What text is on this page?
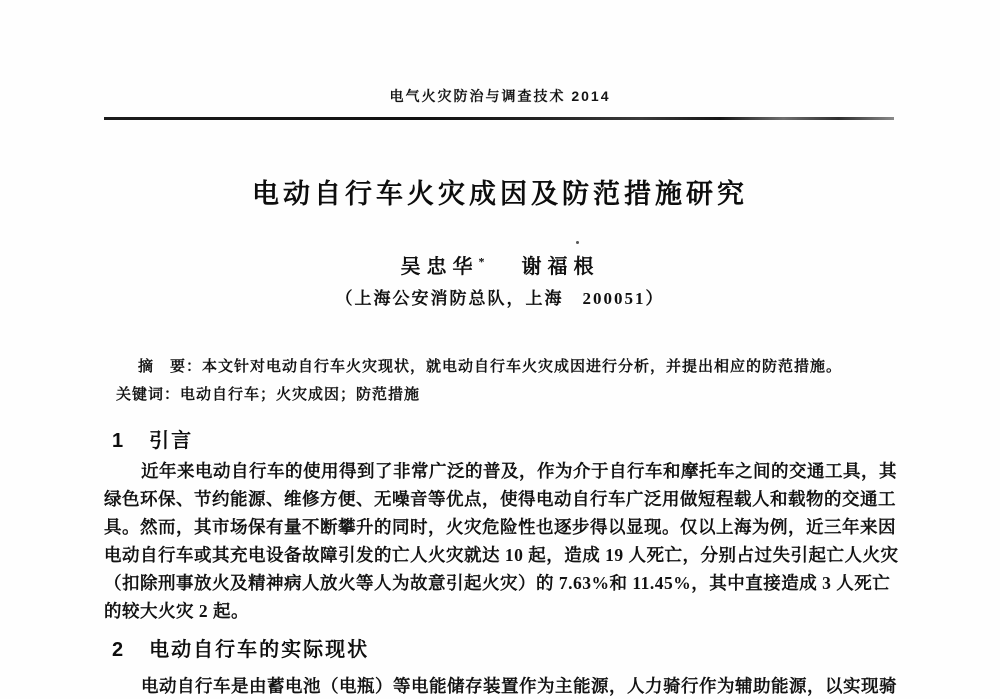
电气火灾防治与调查技术 2014
电动自行车火灾成因及防范措施研究
吴忠华* 谢福根
（上海公安消防总队，上海　200051）
摘　要：本文针对电动自行车火灾现状，就电动自行车火灾成因进行分析，并提出相应的防范措施。
关键词：电动自行车；火灾成因；防范措施
1 引言
近年来电动自行车的使用得到了非常广泛的普及，作为介于自行车和摩托车之间的交通工具，其
绿色环保、节约能源、维修方便、无噪音等优点，使得电动自行车广泛用做短程载人和载物的交通工
具。然而，其市场保有量不断攀升的同时，火灾危险性也逐步得以显现。仅以上海为例，近三年来因
电动自行车或其充电设备故障引发的亡人火灾就达 10 起，造成 19 人死亡，分别占过失引起亡人火灾
（扣除刑事放火及精神病人放火等人为故意引起火灾）的 7.63%和 11.45%，其中直接造成 3 人死亡
的较大火灾 2 起。
2 电动自行车的实际现状
电动自行车是由蓄电池（电瓶）等电能储存装置作为主能源，人力骑行作为辅助能源，以实现骑
